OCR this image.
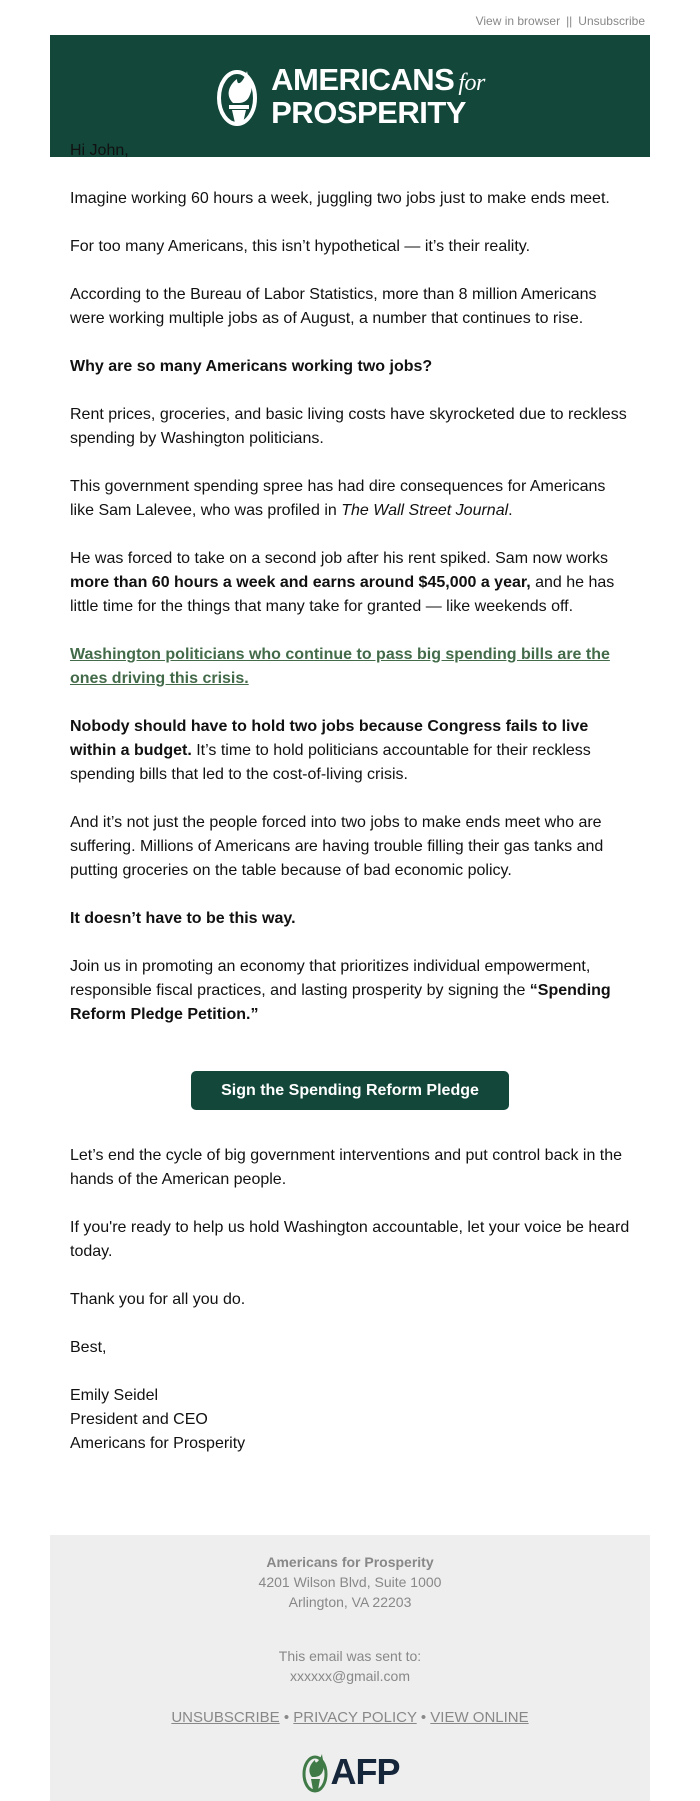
View in browser || Unsubscribe
AMERICANS for
PROSPERITY

Hi John,

Imagine working 60 hours a week, juggling two jobs just to make ends meet.

For too many Americans, this isn’t hypothetical — it’s their reality.

According to the Bureau of Labor Statistics, more than 8 million Americans were working multiple jobs as of August, a number that continues to rise.

Why are so many Americans working two jobs?

Rent prices, groceries, and basic living costs have skyrocketed due to reckless spending by Washington politicians.

This government spending spree has had dire consequences for Americans like Sam Lalevee, who was profiled in The Wall Street Journal.

He was forced to take on a second job after his rent spiked. Sam now works more than 60 hours a week and earns around $45,000 a year, and he has little time for the things that many take for granted — like weekends off.

Washington politicians who continue to pass big spending bills are the ones driving this crisis.

Nobody should have to hold two jobs because Congress fails to live within a budget. It’s time to hold politicians accountable for their reckless spending bills that led to the cost-of-living crisis.

And it’s not just the people forced into two jobs to make ends meet who are suffering. Millions of Americans are having trouble filling their gas tanks and putting groceries on the table because of bad economic policy.

It doesn’t have to be this way.

Join us in promoting an economy that prioritizes individual empowerment, responsible fiscal practices, and lasting prosperity by signing the “Spending Reform Pledge Petition.”

Sign the Spending Reform Pledge

Let’s end the cycle of big government interventions and put control back in the hands of the American people.

If you're ready to help us hold Washington accountable, let your voice be heard today.

Thank you for all you do.

Best,

Emily Seidel
President and CEO
Americans for Prosperity
Americans for Prosperity
4201 Wilson Blvd, Suite 1000
Arlington, VA 22203
This email was sent to:
xxxxxx@gmail.com
UNSUBSCRIBE • PRIVACY POLICY • VIEW ONLINE
AFP
